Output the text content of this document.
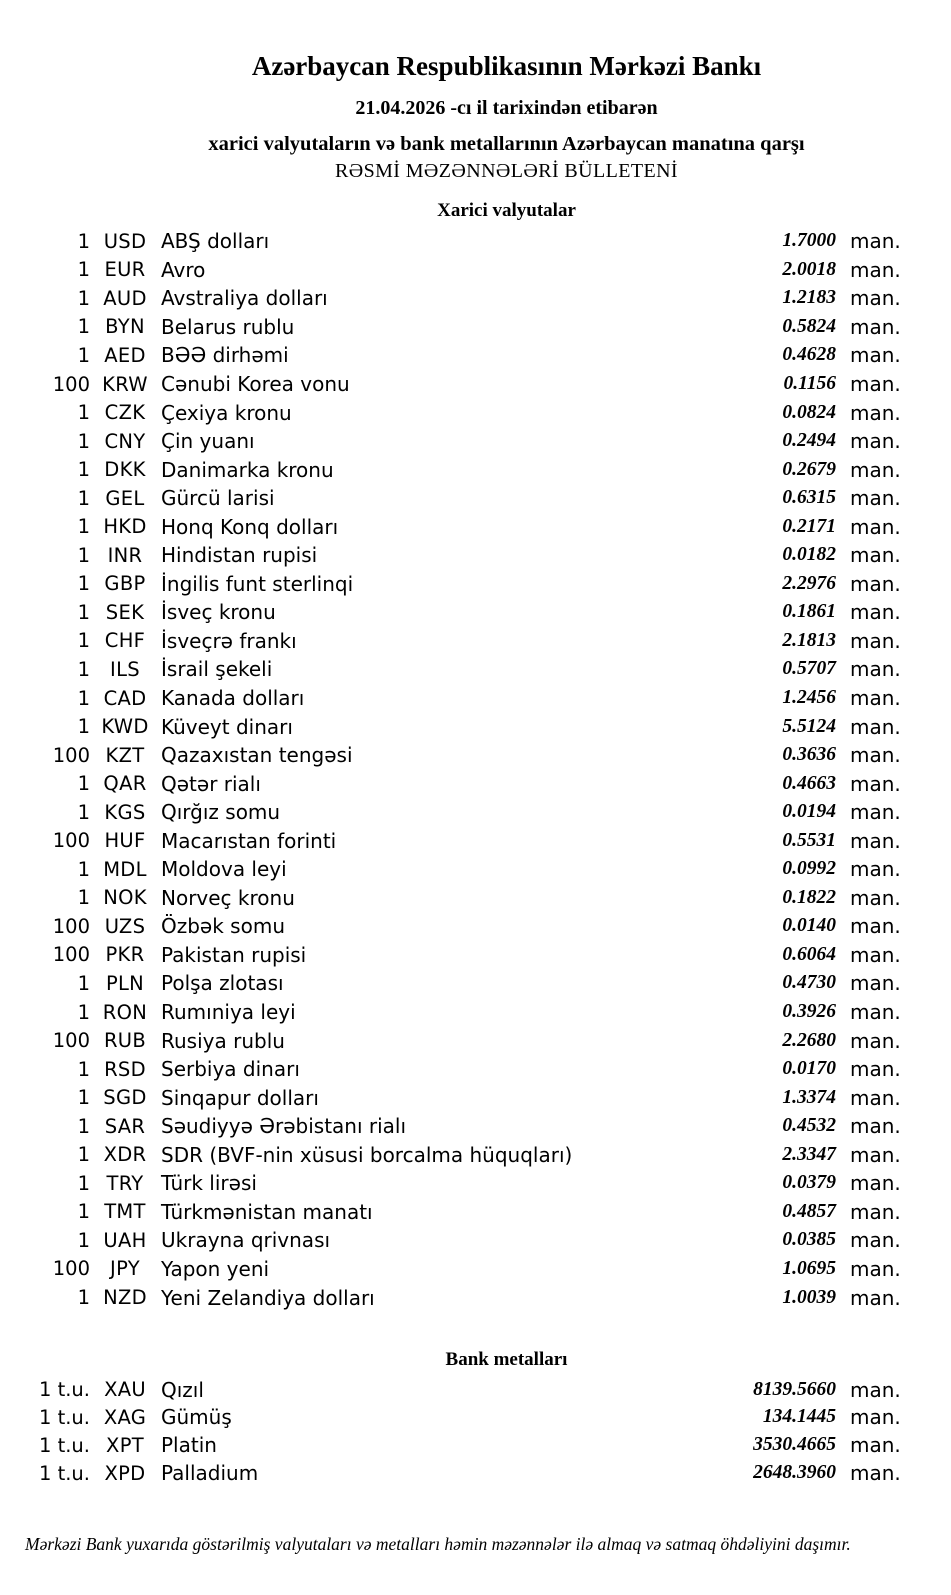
Azərbaycan Respublikasının Mərkəzi Bankı
21.04.2026 -cı il tarixindən etibarən
xarici valyutaların və bank metallarının Azərbaycan manatına qarşı
RƏSMİ MƏZƏNNƏLƏRİ BÜLLETENİ
Xarici valyutalar
1 USD ABŞ dolları	1.7000 man.
1 EUR Avro	2.0018 man.
1 AUD Avstraliya dolları	1.2183 man.
1 BYN Belarus rublu	0.5824 man.
1 AED BƏƏ dirhəmi	0.4628 man.
100 KRW Cənubi Korea vonu	0.1156 man.
1 CZK Çexiya kronu	0.0824 man.
1 CNY Çin yuanı	0.2494 man.
1 DKK Danimarka kronu	0.2679 man.
1 GEL Gürcü larisi	0.6315 man.
1 HKD Honq Konq dolları	0.2171 man.
1 INR Hindistan rupisi	0.0182 man.
1 GBP İngilis funt sterlinqi	2.2976 man.
1 SEK İsveç kronu	0.1861 man.
1 CHF İsveçrə frankı	2.1813 man.
1	ILS	İsrail şekeli	0.5707 man.
1 CAD Kanada dolları	1.2456 man.
1 KWD Küveyt dinarı	5.5124 man.
100 KZT Qazaxıstan tengəsi	0.3636 man.
1 QAR Qətər rialı	0.4663 man.
1 KGS Qırğız somu	0.0194 man.
100 HUF Macarıstan forinti	0.5531 man.
1 MDL Moldova leyi	0.0992 man.
1 NOK Norveç kronu	0.1822 man.
100 UZS Özbək somu	0.0140 man.
100 PKR Pakistan rupisi	0.6064 man.
1 PLN Polşa zlotası	0.4730 man.
1 RON Rumıniya leyi	0.3926 man.
100 RUB Rusiya rublu	2.2680 man.
1 RSD Serbiya dinarı	0.0170 man.
1 SGD Sinqapur dolları	1.3374 man.
1 SAR Səudiyyə Ərəbistanı rialı	0.4532 man.
1 XDR SDR (BVF-nin xüsusi borcalma hüquqları)	2.3347 man.
1 TRY Türk lirəsi	0.0379 man.
1 TMT Türkmənistan manatı	0.4857 man.
1 UAH Ukrayna qrivnası	0.0385 man.
100	JPY	Yapon yeni	1.0695 man.
1 NZD Yeni Zelandiya dolları	1.0039 man.
Bank metalları
1 t.u. XAU Qızıl	8139.5660 man.
1 t.u. XAG Gümüş	134.1445 man.
1 t.u. XPT Platin	3530.4665 man.
1 t.u. XPD Palladium	2648.3960 man.
Mərkəzi Bank yuxarıda göstərilmiş valyutaları və metalları həmin məzənnələr ilə almaq və satmaq öhdəliyini daşımır.
